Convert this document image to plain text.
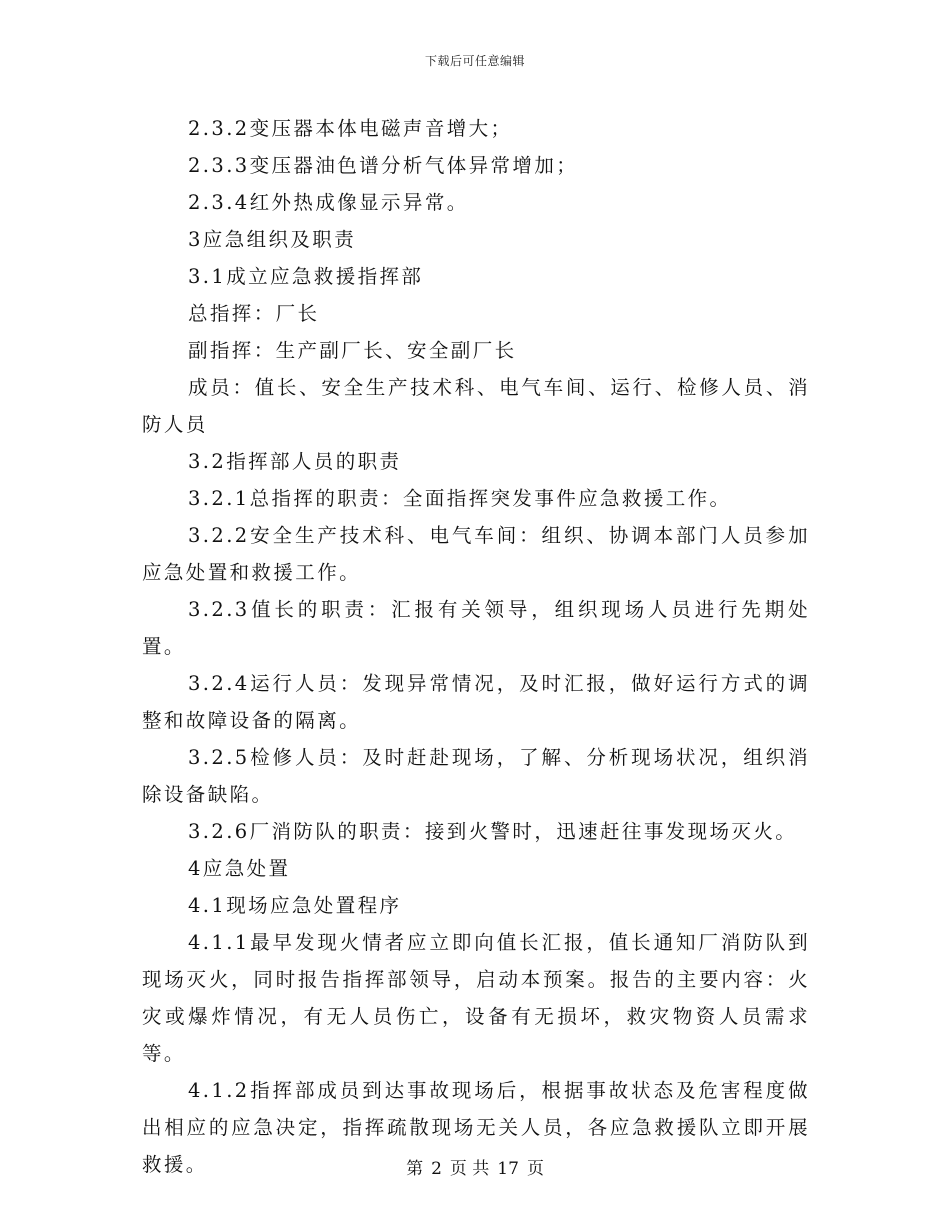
下载后可任意编辑

2.3.2变压器本体电磁声音增大；

2.3.3变压器油色谱分析气体异常增加；

2.3.4红外热成像显示异常。

3应急组织及职责

3.1成立应急救援指挥部

总指挥：厂长

副指挥：生产副厂长、安全副厂长

成员：值长、安全生产技术科、电气车间、运行、检修人员、消防人员

3.2指挥部人员的职责

3.2.1总指挥的职责：全面指挥突发事件应急救援工作。

3.2.2安全生产技术科、电气车间：组织、协调本部门人员参加应急处置和救援工作。

3.2.3值长的职责：汇报有关领导，组织现场人员进行先期处置。

3.2.4运行人员：发现异常情况，及时汇报，做好运行方式的调整和故障设备的隔离。

3.2.5检修人员：及时赶赴现场，了解、分析现场状况，组织消除设备缺陷。

3.2.6厂消防队的职责：接到火警时，迅速赶往事发现场灭火。

4应急处置

4.1现场应急处置程序

4.1.1最早发现火情者应立即向值长汇报，值长通知厂消防队到现场灭火，同时报告指挥部领导，启动本预案。报告的主要内容：火灾或爆炸情况，有无人员伤亡，设备有无损坏，救灾物资人员需求等。

4.1.2指挥部成员到达事故现场后，根据事故状态及危害程度做出相应的应急决定，指挥疏散现场无关人员，各应急救援队立即开展救援。	第 2 页 共 17 页
